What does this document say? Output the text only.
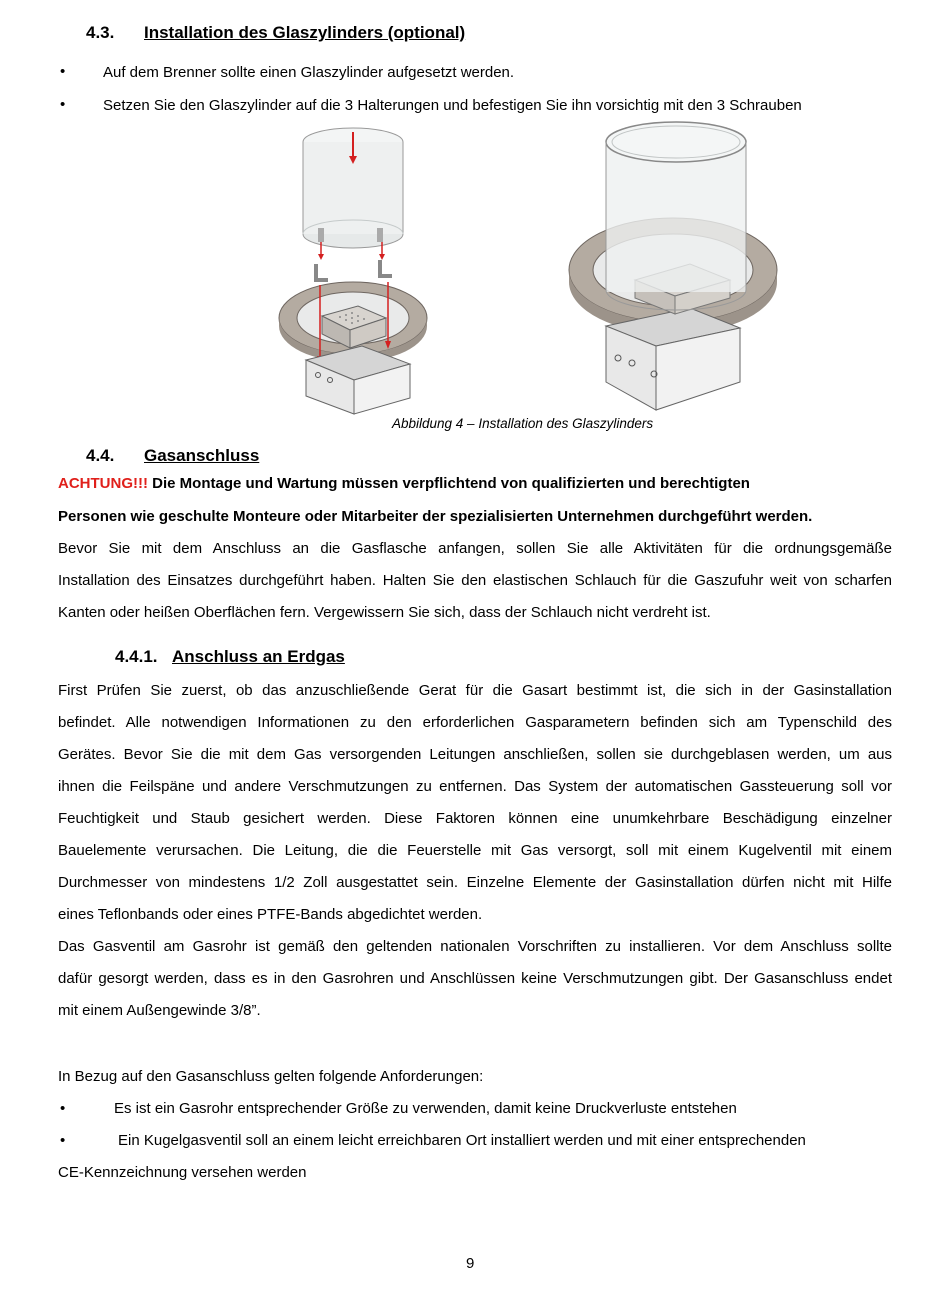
4.3. Installation des Glaszylinders (optional)
•	Auf dem Brenner sollte einen Glaszylinder aufgesetzt werden.
•	Setzen Sie den Glaszylinder auf die 3 Halterungen und befestigen Sie ihn vorsichtig mit den 3 Schrauben
Abbildung 4 – Installation des Glaszylinders
4.4. Gasanschluss
ACHTUNG!!! Die Montage und Wartung müssen verpflichtend von qualifizierten und berechtigten
Personen wie geschulte Monteure oder Mitarbeiter der spezialisierten Unternehmen durchgeführt werden.
Bevor Sie mit dem Anschluss an die Gasflasche anfangen, sollen Sie alle Aktivitäten für die ordnungsgemäße
Installation des Einsatzes durchgeführt haben. Halten Sie den elastischen Schlauch für die Gaszufuhr weit von scharfen
Kanten oder heißen Oberflächen fern. Vergewissern Sie sich, dass der Schlauch nicht verdreht ist.
4.4.1. Anschluss an Erdgas
First Prüfen Sie zuerst, ob das anzuschließende Gerat für die Gasart bestimmt ist, die sich in der Gasinstallation
befindet. Alle notwendigen Informationen zu den erforderlichen Gasparametern befinden sich am Typenschild des
Gerätes. Bevor Sie die mit dem Gas versorgenden Leitungen anschließen, sollen sie durchgeblasen werden, um aus
ihnen die Feilspäne und andere Verschmutzungen zu entfernen. Das System der automatischen Gassteuerung soll vor
Feuchtigkeit und Staub gesichert werden. Diese Faktoren können eine unumkehrbare Beschädigung einzelner
Bauelemente verursachen. Die Leitung, die die Feuerstelle mit Gas versorgt, soll mit einem Kugelventil mit einem
Durchmesser von mindestens 1/2 Zoll ausgestattet sein. Einzelne Elemente der Gasinstallation dürfen nicht mit Hilfe
eines Teflonbands oder eines PTFE-Bands abgedichtet werden.
Das Gasventil am Gasrohr ist gemäß den geltenden nationalen Vorschriften zu installieren. Vor dem Anschluss sollte
dafür gesorgt werden, dass es in den Gasrohren und Anschlüssen keine Verschmutzungen gibt. Der Gasanschluss endet
mit einem Außengewinde 3/8”.
In Bezug auf den Gasanschluss gelten folgende Anforderungen:
•	Es ist ein Gasrohr entsprechender Größe zu verwenden, damit keine Druckverluste entstehen
•	Ein Kugelgasventil soll an einem leicht erreichbaren Ort installiert werden und mit einer entsprechenden
CE-Kennzeichnung versehen werden
9
